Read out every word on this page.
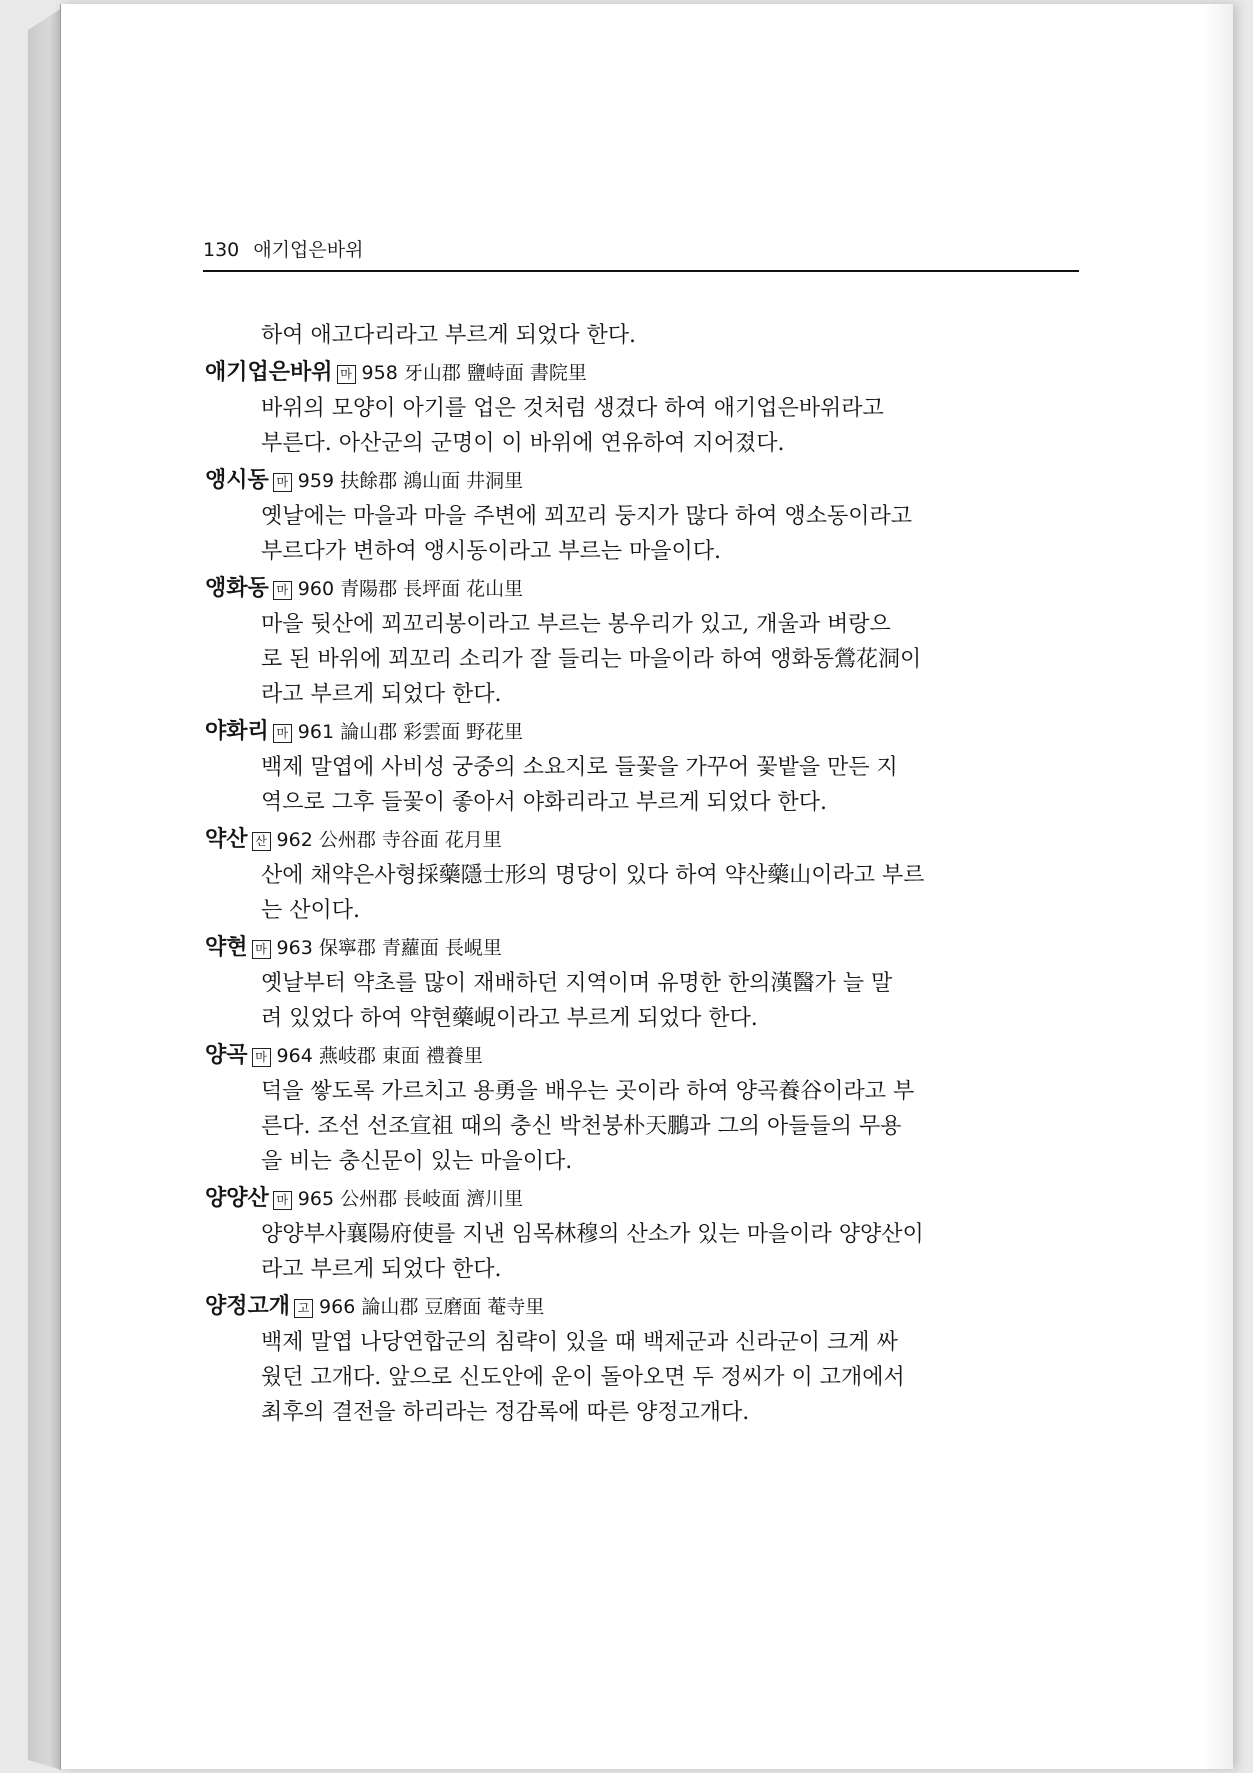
130 애기업은바위
하여 애고다리라고 부르게 되었다 한다.
애기업은바위 마 958 牙山郡 鹽峙面 書院里
바위의 모양이 아기를 업은 것처럼 생겼다 하여 애기업은바위라고
부른다. 아산군의 군명이 이 바위에 연유하여 지어졌다.
앵시동 마 959 扶餘郡 鴻山面 井洞里
옛날에는 마을과 마을 주변에 꾀꼬리 둥지가 많다 하여 앵소동이라고
부르다가 변하여 앵시동이라고 부르는 마을이다.
앵화동 마 960 青陽郡 長坪面 花山里
마을 뒷산에 꾀꼬리봉이라고 부르는 봉우리가 있고, 개울과 벼랑으
로 된 바위에 꾀꼬리 소리가 잘 들리는 마을이라 하여 앵화동鶯花洞이
라고 부르게 되었다 한다.
야화리 마 961 論山郡 彩雲面 野花里
백제 말엽에 사비성 궁중의 소요지로 들꽃을 가꾸어 꽃밭을 만든 지
역으로 그후 들꽃이 좋아서 야화리라고 부르게 되었다 한다.
약산 산 962 公州郡 寺谷面 花月里
산에 채약은사형採藥隱士形의 명당이 있다 하여 약산藥山이라고 부르
는 산이다.
약현 마 963 保寧郡 青蘿面 長峴里
옛날부터 약초를 많이 재배하던 지역이며 유명한 한의漢醫가 늘 말
려 있었다 하여 약현藥峴이라고 부르게 되었다 한다.
양곡 마 964 燕岐郡 東面 禮養里
덕을 쌓도록 가르치고 용勇을 배우는 곳이라 하여 양곡養谷이라고 부
른다. 조선 선조宣祖 때의 충신 박천붕朴天鵬과 그의 아들들의 무용
을 비는 충신문이 있는 마을이다.
양양산 마 965 公州郡 長岐面 濟川里
양양부사襄陽府使를 지낸 임목林穆의 산소가 있는 마을이라 양양산이
라고 부르게 되었다 한다.
양정고개 고 966 論山郡 豆磨面 菴寺里
백제 말엽 나당연합군의 침략이 있을 때 백제군과 신라군이 크게 싸
웠던 고개다. 앞으로 신도안에 운이 돌아오면 두 정씨가 이 고개에서
최후의 결전을 하리라는 정감록에 따른 양정고개다.
